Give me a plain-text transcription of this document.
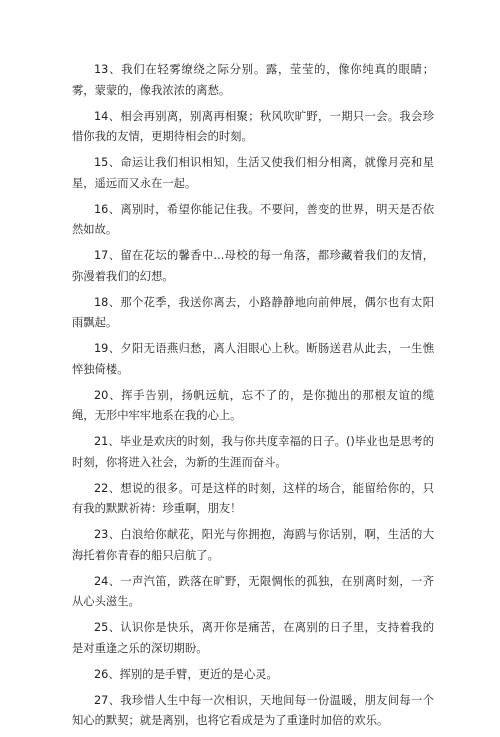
13、我们在轻雾缭绕之际分别。露，莹莹的，像你纯真的眼睛；雾，蒙蒙的，像我浓浓的离愁。

14、相会再别离，别离再相聚；秋风吹旷野，一期只一会。我会珍惜你我的友情，更期待相会的时刻。

15、命运让我们相识相知，生活又使我们相分相离，就像月亮和星星，遥远而又永在一起。

16、离别时，希望你能记住我。不要问，善变的世界，明天是否依然如故。

17、留在花坛的馨香中...母校的每一角落，都珍藏着我们的友情，弥漫着我们的幻想。

18、那个花季，我送你离去，小路静静地向前伸展，偶尔也有太阳雨飘起。

19、夕阳无语燕归愁，离人泪眼心上秋。断肠送君从此去，一生憔悴独倚楼。

20、挥手告别，扬帆远航，忘不了的，是你抛出的那根友谊的缆绳，无形中牢牢地系在我的心上。

21、毕业是欢庆的时刻，我与你共度幸福的日子。()毕业也是思考的时刻，你将进入社会，为新的生涯而奋斗。

22、想说的很多。可是这样的时刻，这样的场合，能留给你的，只有我的默默祈祷：珍重啊，朋友！

23、白浪给你献花，阳光与你拥抱，海鸥与你话别，啊，生活的大海托着你青春的船只启航了。

24、一声汽笛，跌落在旷野，无限惆怅的孤独，在别离时刻，一齐从心头滋生。

25、认识你是快乐，离开你是痛苦，在离别的日子里，支持着我的是对重逢之乐的深切期盼。

26、挥别的是手臂，更近的是心灵。

27、我珍惜人生中每一次相识，天地间每一份温暖，朋友间每一个知心的默契；就是离别，也将它看成是为了重逢时加倍的欢乐。
